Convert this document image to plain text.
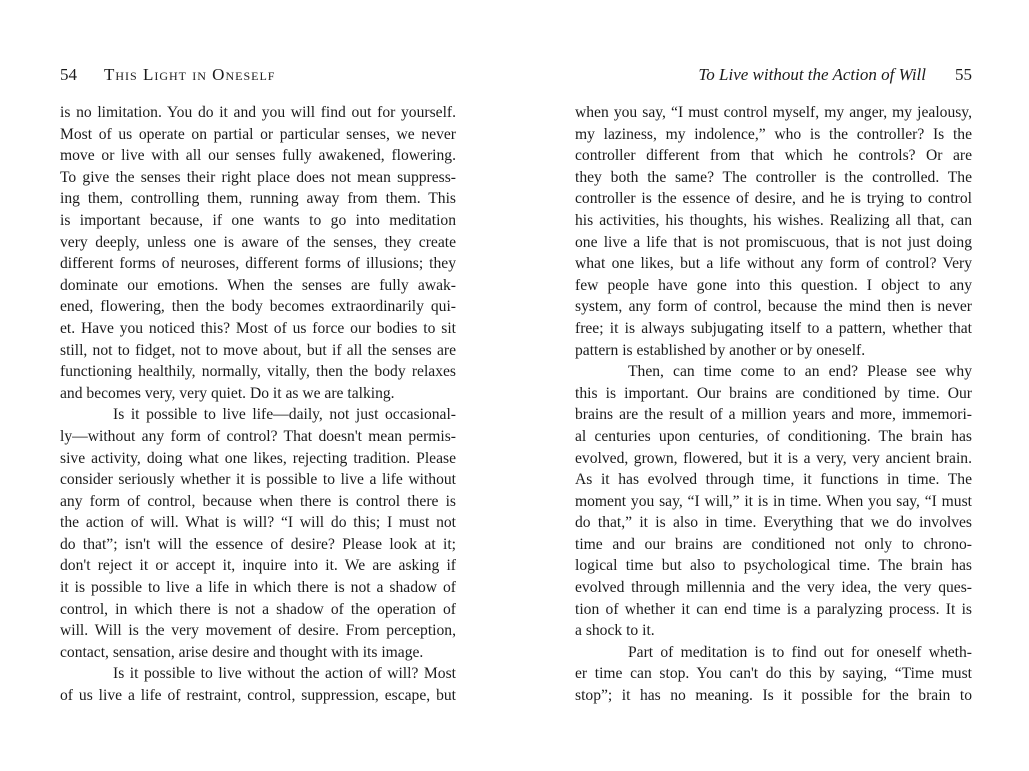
54 This Light in Oneself
is no limitation. You do it and you will find out for yourself.
Most of us operate on partial or particular senses, we never
move or live with all our senses fully awakened, flowering.
To give the senses their right place does not mean suppress-
ing them, controlling them, running away from them. This
is important because, if one wants to go into meditation
very deeply, unless one is aware of the senses, they create
different forms of neuroses, different forms of illusions; they
dominate our emotions. When the senses are fully awak-
ened, flowering, then the body becomes extraordinarily qui-
et. Have you noticed this? Most of us force our bodies to sit
still, not to fidget, not to move about, but if all the senses are
functioning healthily, normally, vitally, then the body relaxes
and becomes very, very quiet. Do it as we are talking.
Is it possible to live life—daily, not just occasional-
ly—without any form of control? That doesn't mean permis-
sive activity, doing what one likes, rejecting tradition. Please
consider seriously whether it is possible to live a life without
any form of control, because when there is control there is
the action of will. What is will? “I will do this; I must not
do that”; isn't will the essence of desire? Please look at it;
don't reject it or accept it, inquire into it. We are asking if
it is possible to live a life in which there is not a shadow of
control, in which there is not a shadow of the operation of
will. Will is the very movement of desire. From perception,
contact, sensation, arise desire and thought with its image.
Is it possible to live without the action of will? Most
of us live a life of restraint, control, suppression, escape, but
To Live without the Action of Will 55
when you say, “I must control myself, my anger, my jealousy,
my laziness, my indolence,” who is the controller? Is the
controller different from that which he controls? Or are
they both the same? The controller is the controlled. The
controller is the essence of desire, and he is trying to control
his activities, his thoughts, his wishes. Realizing all that, can
one live a life that is not promiscuous, that is not just doing
what one likes, but a life without any form of control? Very
few people have gone into this question. I object to any
system, any form of control, because the mind then is never
free; it is always subjugating itself to a pattern, whether that
pattern is established by another or by oneself.
Then, can time come to an end? Please see why
this is important. Our brains are conditioned by time. Our
brains are the result of a million years and more, immemori-
al centuries upon centuries, of conditioning. The brain has
evolved, grown, flowered, but it is a very, very ancient brain.
As it has evolved through time, it functions in time. The
moment you say, “I will,” it is in time. When you say, “I must
do that,” it is also in time. Everything that we do involves
time and our brains are conditioned not only to chrono-
logical time but also to psychological time. The brain has
evolved through millennia and the very idea, the very ques-
tion of whether it can end time is a paralyzing process. It is
a shock to it.
Part of meditation is to find out for oneself wheth-
er time can stop. You can't do this by saying, “Time must
stop”; it has no meaning. Is it possible for the brain to
